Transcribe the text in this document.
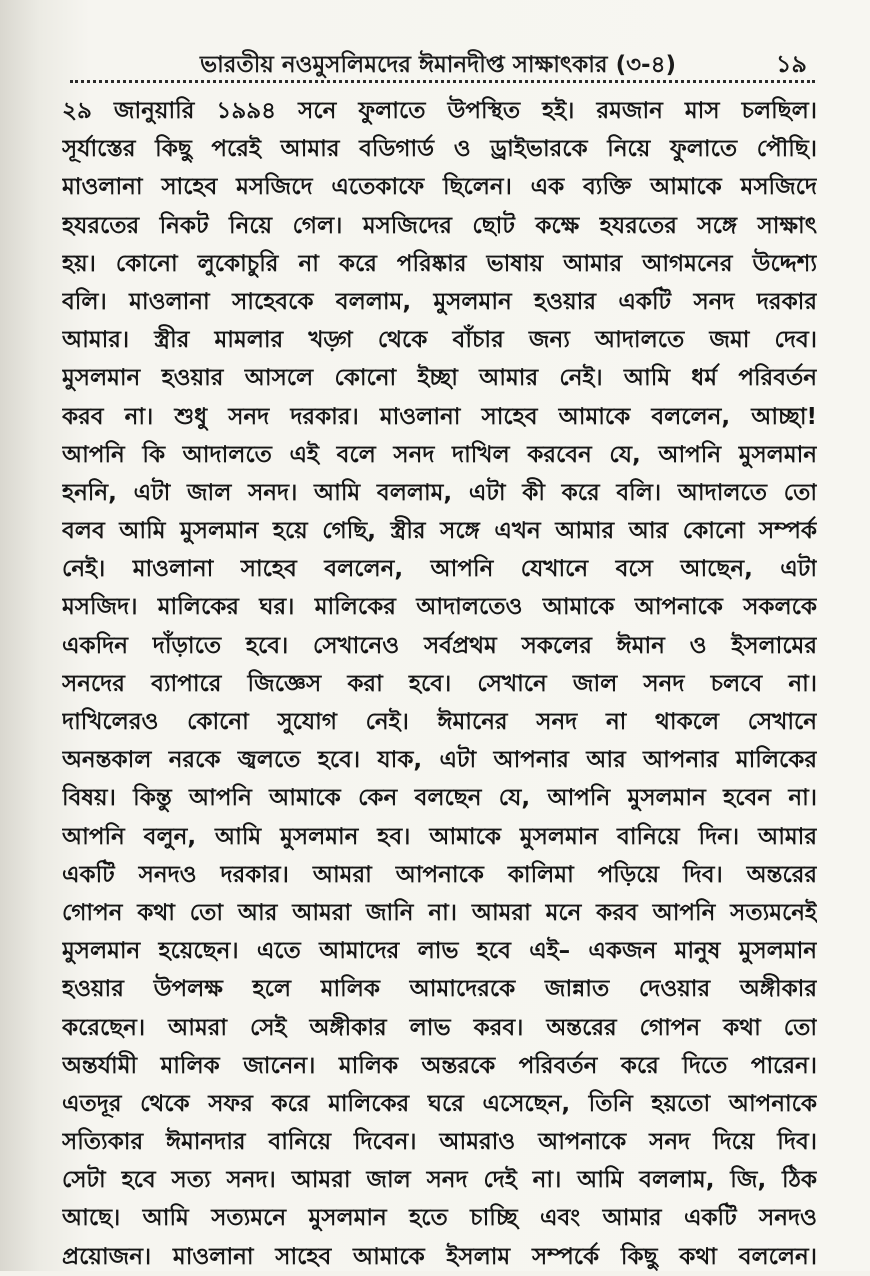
ভারতীয় নওমুসলিমদের ঈমানদীপ্ত সাক্ষাৎকার (৩-৪)	১৯
২৯ জানুয়ারি ১৯৯৪ সনে ফুলাতে উপস্থিত হই। রমজান মাস চলছিল।
সূর্যাস্তের কিছু পরেই আমার বডিগার্ড ও ড্রাইভারকে নিয়ে ফুলাতে পৌছি।
মাওলানা সাহেব মসজিদে এতেকাফে ছিলেন। এক ব্যক্তি আমাকে মসজিদে
হযরতের নিকট নিয়ে গেল। মসজিদের ছোট কক্ষে হযরতের সঙ্গে সাক্ষাৎ
হয়। কোনো লুকোচুরি না করে পরিষ্কার ভাষায় আমার আগমনের উদ্দেশ্য
বলি। মাওলানা সাহেবকে বললাম, মুসলমান হওয়ার একটি সনদ দরকার
আমার। স্ত্রীর মামলার খড়্গ থেকে বাঁচার জন্য আদালতে জমা দেব।
মুসলমান হওয়ার আসলে কোনো ইচ্ছা আমার নেই। আমি ধর্ম পরিবর্তন
করব না। শুধু সনদ দরকার। মাওলানা সাহেব আমাকে বললেন, আচ্ছা!
আপনি কি আদালতে এই বলে সনদ দাখিল করবেন যে, আপনি মুসলমান
হননি, এটা জাল সনদ। আমি বললাম, এটা কী করে বলি। আদালতে তো
বলব আমি মুসলমান হয়ে গেছি, স্ত্রীর সঙ্গে এখন আমার আর কোনো সম্পর্ক
নেই। মাওলানা সাহেব বললেন, আপনি যেখানে বসে আছেন, এটা
মসজিদ। মালিকের ঘর। মালিকের আদালতেও আমাকে আপনাকে সকলকে
একদিন দাঁড়াতে হবে। সেখানেও সর্বপ্রথম সকলের ঈমান ও ইসলামের
সনদের ব্যাপারে জিজ্ঞেস করা হবে। সেখানে জাল সনদ চলবে না।
দাখিলেরও কোনো সুযোগ নেই। ঈমানের সনদ না থাকলে সেখানে
অনন্তকাল নরকে জ্বলতে হবে। যাক, এটা আপনার আর আপনার মালিকের
বিষয়। কিন্তু আপনি আমাকে কেন বলছেন যে, আপনি মুসলমান হবেন না।
আপনি বলুন, আমি মুসলমান হব। আমাকে মুসলমান বানিয়ে দিন। আমার
একটি সনদও দরকার। আমরা আপনাকে কালিমা পড়িয়ে দিব। অন্তরের
গোপন কথা তো আর আমরা জানি না। আমরা মনে করব আপনি সত্যমনেই
মুসলমান হয়েছেন। এতে আমাদের লাভ হবে এই– একজন মানুষ মুসলমান
হওয়ার উপলক্ষ হলে মালিক আমাদেরকে জান্নাত দেওয়ার অঙ্গীকার
করেছেন। আমরা সেই অঙ্গীকার লাভ করব। অন্তরের গোপন কথা তো
অন্তর্যামী মালিক জানেন। মালিক অন্তরকে পরিবর্তন করে দিতে পারেন।
এতদূর থেকে সফর করে মালিকের ঘরে এসেছেন, তিনি হয়তো আপনাকে
সত্যিকার ঈমানদার বানিয়ে দিবেন। আমরাও আপনাকে সনদ দিয়ে দিব।
সেটা হবে সত্য সনদ। আমরা জাল সনদ দেই না। আমি বললাম, জি, ঠিক
আছে। আমি সত্যমনে মুসলমান হতে চাচ্ছি এবং আমার একটি সনদও
প্রয়োজন। মাওলানা সাহেব আমাকে ইসলাম সম্পর্কে কিছু কথা বললেন।
